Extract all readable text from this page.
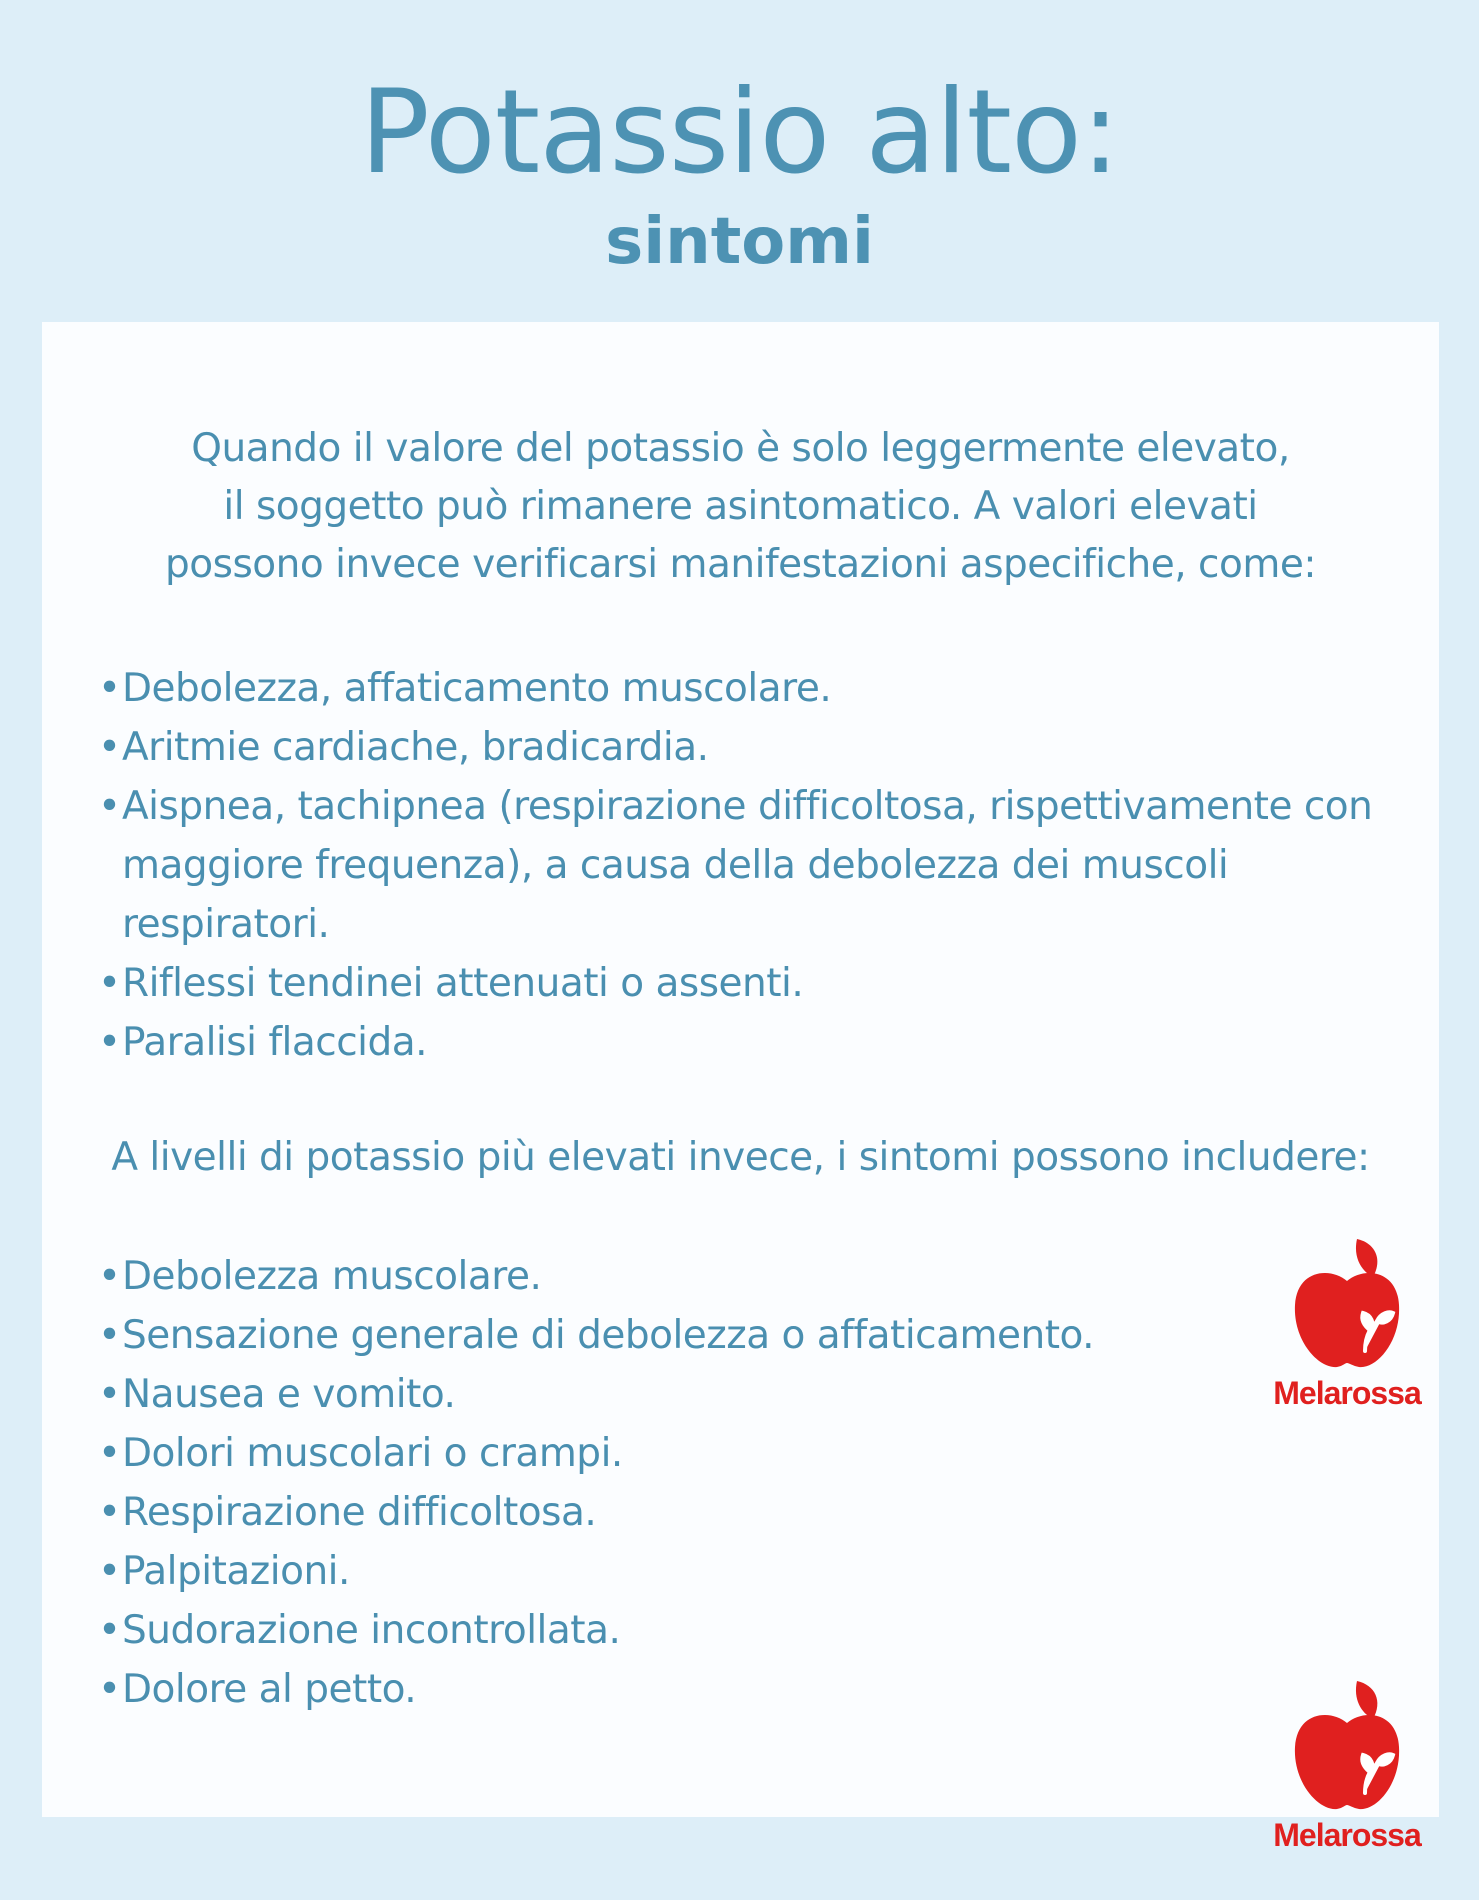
Potassio alto:
sintomi
Quando il valore del potassio è solo leggermente elevato,
il soggetto può rimanere asintomatico. A valori elevati
possono invece verificarsi manifestazioni aspecifiche, come:
• Debolezza, affaticamento muscolare.
• Aritmie cardiache, bradicardia.
• Aispnea, tachipnea (respirazione difficoltosa, rispettivamente con
maggiore frequenza), a causa della debolezza dei muscoli
respiratori.
• Riflessi tendinei attenuati o assenti.
• Paralisi flaccida.
A livelli di potassio più elevati invece, i sintomi possono includere:
• Debolezza muscolare.
• Sensazione generale di debolezza o affaticamento.
• Nausea e vomito.
• Dolori muscolari o crampi.
• Respirazione difficoltosa.
• Palpitazioni.
• Sudorazione incontrollata.
• Dolore al petto.
Melarossa
Melarossa
